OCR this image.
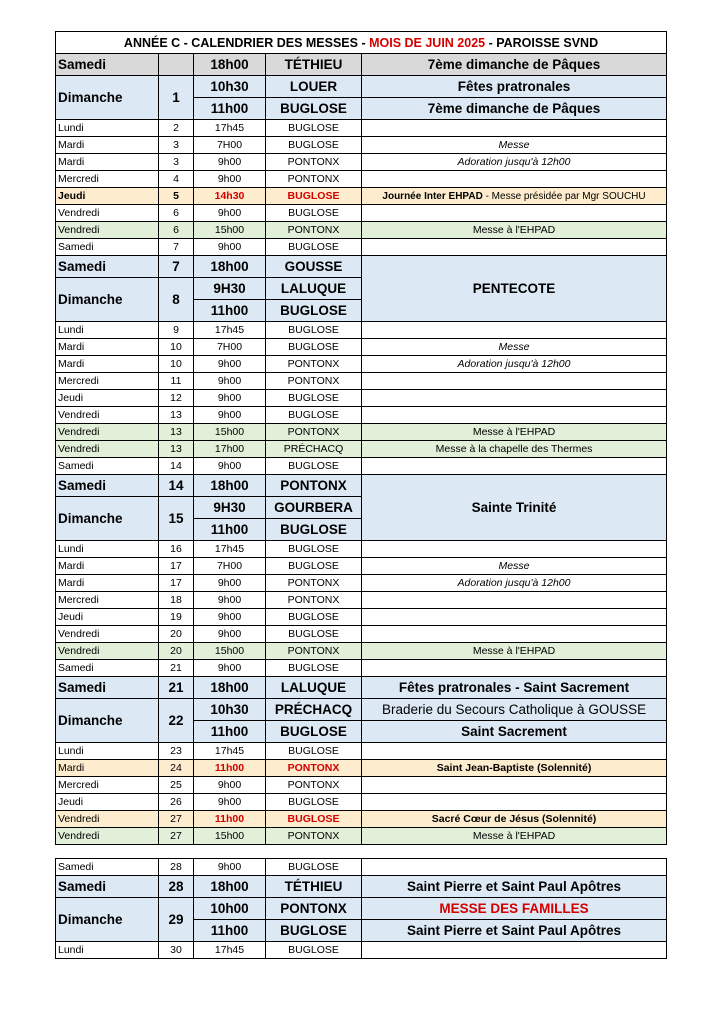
ANNÉE C - CALENDRIER DES MESSES - MOIS DE JUIN 2025 - PAROISSE SVND				
Samedi		18h00	TÉTHIEU	7ème dimanche de Pâques
Dimanche	1	10h30	LOUER	Fêtes pratronales
		11h00	BUGLOSE	7ème dimanche de Pâques
Lundi	2	17h45	BUGLOSE	
Mardi	3	7H00	BUGLOSE	Messe
Mardi	3	9h00	PONTONX	Adoration jusqu'à 12h00
Mercredi	4	9h00	PONTONX	
Jeudi	5	14h30	BUGLOSE	Journée Inter EHPAD - Messe présidée par Mgr SOUCHU
Vendredi	6	9h00	BUGLOSE	
Vendredi	6	15h00	PONTONX	Messe à l'EHPAD
Samedi	7	9h00	BUGLOSE	
Samedi	7	18h00	GOUSSE	PENTECOTE
Dimanche	8	9H30	LALUQUE	
		11h00	BUGLOSE	
Lundi	9	17h45	BUGLOSE	
Mardi	10	7H00	BUGLOSE	Messe
Mardi	10	9h00	PONTONX	Adoration jusqu'à 12h00
Mercredi	11	9h00	PONTONX	
Jeudi	12	9h00	BUGLOSE	
Vendredi	13	9h00	BUGLOSE	
Vendredi	13	15h00	PONTONX	Messe à l'EHPAD
Vendredi	13	17h00	PRÉCHACQ	Messe à la chapelle des Thermes
Samedi	14	9h00	BUGLOSE	
Samedi	14	18h00	PONTONX	Sainte Trinité
Dimanche	15	9H30	GOURBERA	
		11h00	BUGLOSE	
Lundi	16	17h45	BUGLOSE	
Mardi	17	7H00	BUGLOSE	Messe
Mardi	17	9h00	PONTONX	Adoration jusqu'à 12h00
Mercredi	18	9h00	PONTONX	
Jeudi	19	9h00	BUGLOSE	
Vendredi	20	9h00	BUGLOSE	
Vendredi	20	15h00	PONTONX	Messe à l'EHPAD
Samedi	21	9h00	BUGLOSE	
Samedi	21	18h00	LALUQUE	Fêtes pratronales - Saint Sacrement
Dimanche	22	10h30	PRÉCHACQ	Braderie du Secours Catholique à GOUSSE
		11h00	BUGLOSE	Saint Sacrement
Lundi	23	17h45	BUGLOSE	
Mardi	24	11h00	PONTONX	Saint Jean-Baptiste (Solennité)
Mercredi	25	9h00	PONTONX	
Jeudi	26	9h00	BUGLOSE	
Vendredi	27	11h00	BUGLOSE	Sacré Cœur de Jésus (Solennité)
Vendredi	27	15h00	PONTONX	Messe à l'EHPAD
Samedi	28	9h00	BUGLOSE	
Samedi	28	18h00	TÉTHIEU	Saint Pierre et Saint Paul Apôtres
Dimanche	29	10h00	PONTONX	MESSE DES FAMILLES
		11h00	BUGLOSE	Saint Pierre et Saint Paul Apôtres
Lundi	30	17h45	BUGLOSE	
